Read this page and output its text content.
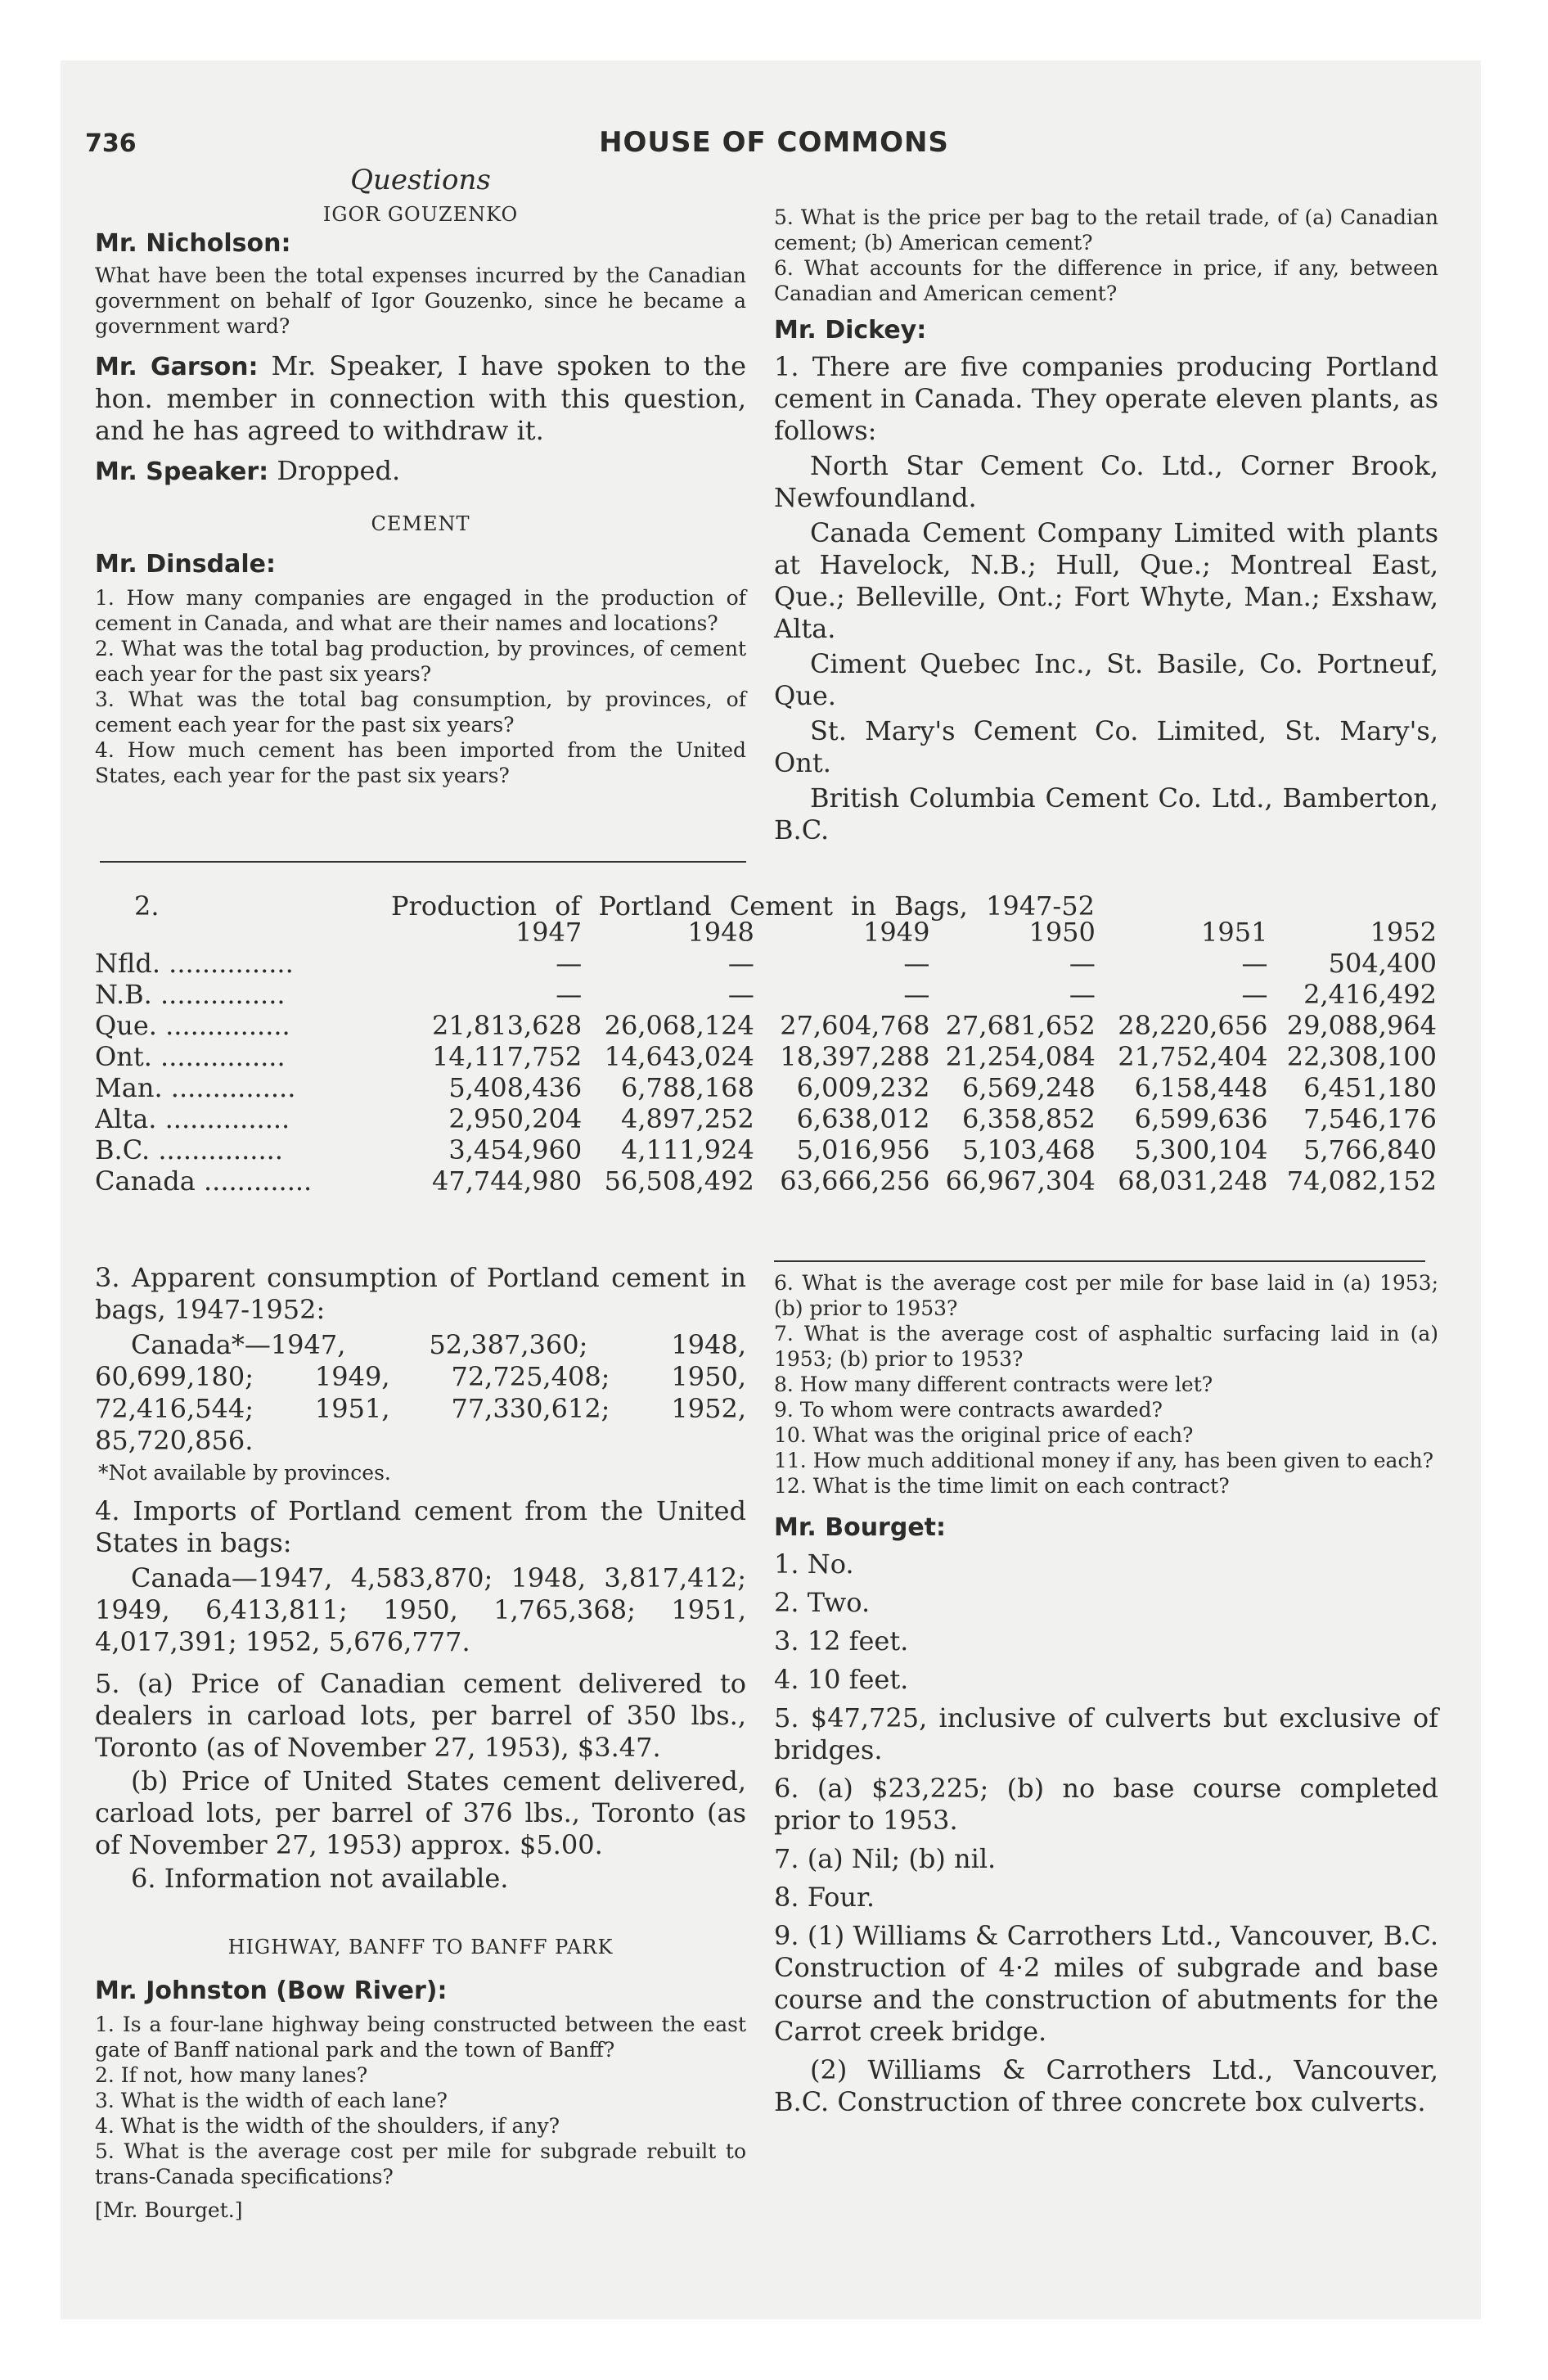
736	HOUSE OF COMMONS

Questions

IGOR GOUZENKO

Mr. Nicholson:

What have been the total expenses incurred by the Canadian government on behalf of Igor Gouzenko, since he became a government ward?

Mr. Garson: Mr. Speaker, I have spoken to the hon. member in connection with this question, and he has agreed to withdraw it.

Mr. Speaker: Dropped.

CEMENT

Mr. Dinsdale:

1. How many companies are engaged in the production of cement in Canada, and what are their names and locations?

2. What was the total bag production, by provinces, of cement each year for the past six years?

3. What was the total bag consumption, by provinces, of cement each year for the past six years?

4. How much cement has been imported from the United States, each year for the past six years?

5. What is the price per bag to the retail trade, of (a) Canadian cement; (b) American cement?

6. What accounts for the difference in price, if any, between Canadian and American cement?

Mr. Dickey:

1. There are five companies producing Portland cement in Canada. They operate eleven plants, as follows:

North Star Cement Co. Ltd., Corner Brook, Newfoundland.

Canada Cement Company Limited with plants at Havelock, N.B.; Hull, Que.; Montreal East, Que.; Belleville, Ont.; Fort Whyte, Man.; Exshaw, Alta.

Ciment Quebec Inc., St. Basile, Co. Portneuf, Que.

St. Mary's Cement Co. Limited, St. Mary's, Ont.

British Columbia Cement Co. Ltd., Bamberton, B.C.

2.	Production of Portland Cement in Bags, 1947-52
	1947	1948	1949	1950	1951	1952
Nfld. ...............	—	—	—	—	—	504,400
N.B. ...............	—	—	—	—	—	2,416,492
Que. ...............	21,813,628	26,068,124	27,604,768	27,681,652	28,220,656	29,088,964
Ont. ...............	14,117,752	14,643,024	18,397,288	21,254,084	21,752,404	22,308,100
Man. ...............	5,408,436	6,788,168	6,009,232	6,569,248	6,158,448	6,451,180
Alta. ...............	2,950,204	4,897,252	6,638,012	6,358,852	6,599,636	7,546,176
B.C. ...............	3,454,960	4,111,924	5,016,956	5,103,468	5,300,104	5,766,840
Canada .............	47,744,980	56,508,492	63,666,256	66,967,304	68,031,248	74,082,152

3. Apparent consumption of Portland cement in bags, 1947-1952:

Canada*—1947, 52,387,360; 1948, 60,699,180; 1949, 72,725,408; 1950, 72,416,544; 1951, 77,330,612; 1952, 85,720,856.

*Not available by provinces.

4. Imports of Portland cement from the United States in bags:

Canada—1947, 4,583,870; 1948, 3,817,412; 1949, 6,413,811; 1950, 1,765,368; 1951, 4,017,391; 1952, 5,676,777.

5. (a) Price of Canadian cement delivered to dealers in carload lots, per barrel of 350 lbs., Toronto (as of November 27, 1953), $3.47.

(b) Price of United States cement delivered, carload lots, per barrel of 376 lbs., Toronto (as of November 27, 1953) approx. $5.00.

6. Information not available.

HIGHWAY, BANFF TO BANFF PARK

Mr. Johnston (Bow River):

1. Is a four-lane highway being constructed between the east gate of Banff national park and the town of Banff?

2. If not, how many lanes?

3. What is the width of each lane?

4. What is the width of the shoulders, if any?

5. What is the average cost per mile for subgrade rebuilt to trans-Canada specifications?

[Mr. Bourget.]

6. What is the average cost per mile for base laid in (a) 1953; (b) prior to 1953?

7. What is the average cost of asphaltic surfacing laid in (a) 1953; (b) prior to 1953?

8. How many different contracts were let?

9. To whom were contracts awarded?

10. What was the original price of each?

11. How much additional money if any, has been given to each?

12. What is the time limit on each contract?

Mr. Bourget:

1. No.

2. Two.

3. 12 feet.

4. 10 feet.

5. $47,725, inclusive of culverts but exclusive of bridges.

6. (a) $23,225; (b) no base course completed prior to 1953.

7. (a) Nil; (b) nil.

8. Four.

9. (1) Williams & Carrothers Ltd., Vancouver, B.C. Construction of 4·2 miles of subgrade and base course and the construction of abutments for the Carrot creek bridge.

(2) Williams & Carrothers Ltd., Vancouver, B.C. Construction of three concrete box culverts.
